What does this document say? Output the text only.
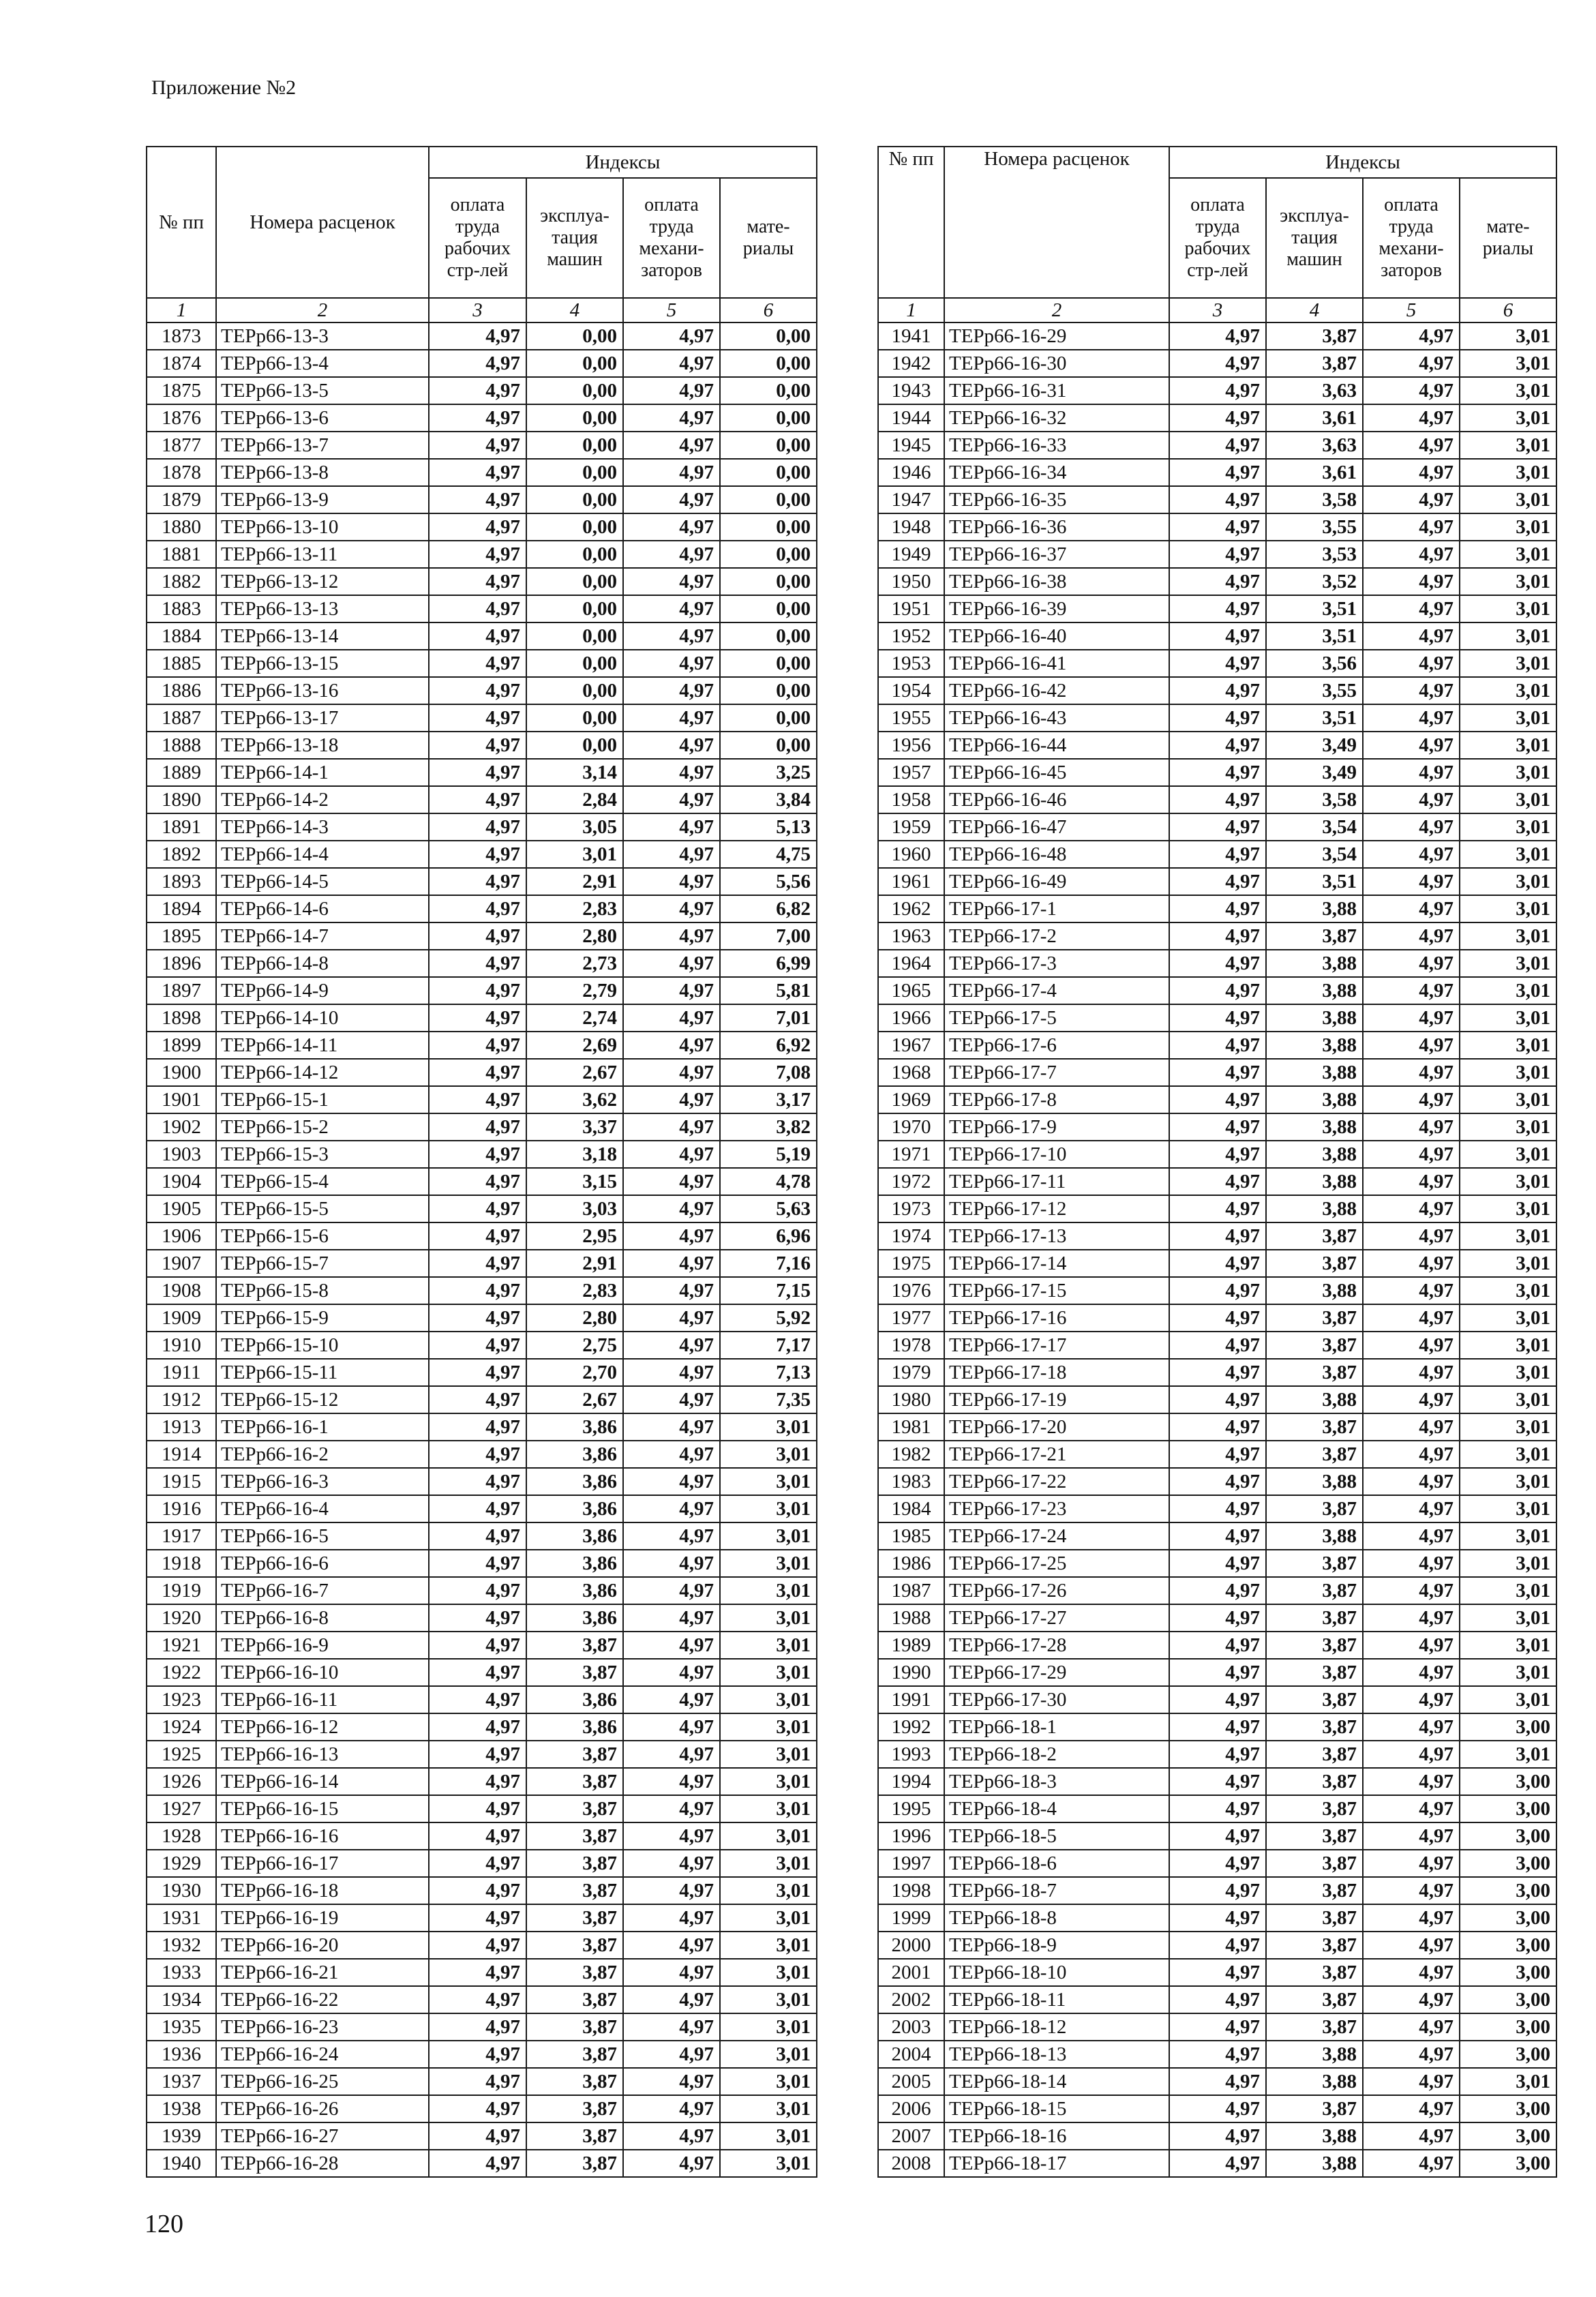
Приложение №2
№ пп	Номера расценок	Индексы			
		оплата труда рабочих стр-лей	эксплуа-тация машин	оплата труда механи-заторов	мате-риалы
1	2	3	4	5	6
1873	ТЕРр66-13-3	4,97	0,00	4,97	0,00
1874	ТЕРр66-13-4	4,97	0,00	4,97	0,00
1875	ТЕРр66-13-5	4,97	0,00	4,97	0,00
1876	ТЕРр66-13-6	4,97	0,00	4,97	0,00
1877	ТЕРр66-13-7	4,97	0,00	4,97	0,00
1878	ТЕРр66-13-8	4,97	0,00	4,97	0,00
1879	ТЕРр66-13-9	4,97	0,00	4,97	0,00
1880	ТЕРр66-13-10	4,97	0,00	4,97	0,00
1881	ТЕРр66-13-11	4,97	0,00	4,97	0,00
1882	ТЕРр66-13-12	4,97	0,00	4,97	0,00
1883	ТЕРр66-13-13	4,97	0,00	4,97	0,00
1884	ТЕРр66-13-14	4,97	0,00	4,97	0,00
1885	ТЕРр66-13-15	4,97	0,00	4,97	0,00
1886	ТЕРр66-13-16	4,97	0,00	4,97	0,00
1887	ТЕРр66-13-17	4,97	0,00	4,97	0,00
1888	ТЕРр66-13-18	4,97	0,00	4,97	0,00
1889	ТЕРр66-14-1	4,97	3,14	4,97	3,25
1890	ТЕРр66-14-2	4,97	2,84	4,97	3,84
1891	ТЕРр66-14-3	4,97	3,05	4,97	5,13
1892	ТЕРр66-14-4	4,97	3,01	4,97	4,75
1893	ТЕРр66-14-5	4,97	2,91	4,97	5,56
1894	ТЕРр66-14-6	4,97	2,83	4,97	6,82
1895	ТЕРр66-14-7	4,97	2,80	4,97	7,00
1896	ТЕРр66-14-8	4,97	2,73	4,97	6,99
1897	ТЕРр66-14-9	4,97	2,79	4,97	5,81
1898	ТЕРр66-14-10	4,97	2,74	4,97	7,01
1899	ТЕРр66-14-11	4,97	2,69	4,97	6,92
1900	ТЕРр66-14-12	4,97	2,67	4,97	7,08
1901	ТЕРр66-15-1	4,97	3,62	4,97	3,17
1902	ТЕРр66-15-2	4,97	3,37	4,97	3,82
1903	ТЕРр66-15-3	4,97	3,18	4,97	5,19
1904	ТЕРр66-15-4	4,97	3,15	4,97	4,78
1905	ТЕРр66-15-5	4,97	3,03	4,97	5,63
1906	ТЕРр66-15-6	4,97	2,95	4,97	6,96
1907	ТЕРр66-15-7	4,97	2,91	4,97	7,16
1908	ТЕРр66-15-8	4,97	2,83	4,97	7,15
1909	ТЕРр66-15-9	4,97	2,80	4,97	5,92
1910	ТЕРр66-15-10	4,97	2,75	4,97	7,17
1911	ТЕРр66-15-11	4,97	2,70	4,97	7,13
1912	ТЕРр66-15-12	4,97	2,67	4,97	7,35
1913	ТЕРр66-16-1	4,97	3,86	4,97	3,01
1914	ТЕРр66-16-2	4,97	3,86	4,97	3,01
1915	ТЕРр66-16-3	4,97	3,86	4,97	3,01
1916	ТЕРр66-16-4	4,97	3,86	4,97	3,01
1917	ТЕРр66-16-5	4,97	3,86	4,97	3,01
1918	ТЕРр66-16-6	4,97	3,86	4,97	3,01
1919	ТЕРр66-16-7	4,97	3,86	4,97	3,01
1920	ТЕРр66-16-8	4,97	3,86	4,97	3,01
1921	ТЕРр66-16-9	4,97	3,87	4,97	3,01
1922	ТЕРр66-16-10	4,97	3,87	4,97	3,01
1923	ТЕРр66-16-11	4,97	3,86	4,97	3,01
1924	ТЕРр66-16-12	4,97	3,86	4,97	3,01
1925	ТЕРр66-16-13	4,97	3,87	4,97	3,01
1926	ТЕРр66-16-14	4,97	3,87	4,97	3,01
1927	ТЕРр66-16-15	4,97	3,87	4,97	3,01
1928	ТЕРр66-16-16	4,97	3,87	4,97	3,01
1929	ТЕРр66-16-17	4,97	3,87	4,97	3,01
1930	ТЕРр66-16-18	4,97	3,87	4,97	3,01
1931	ТЕРр66-16-19	4,97	3,87	4,97	3,01
1932	ТЕРр66-16-20	4,97	3,87	4,97	3,01
1933	ТЕРр66-16-21	4,97	3,87	4,97	3,01
1934	ТЕРр66-16-22	4,97	3,87	4,97	3,01
1935	ТЕРр66-16-23	4,97	3,87	4,97	3,01
1936	ТЕРр66-16-24	4,97	3,87	4,97	3,01
1937	ТЕРр66-16-25	4,97	3,87	4,97	3,01
1938	ТЕРр66-16-26	4,97	3,87	4,97	3,01
1939	ТЕРр66-16-27	4,97	3,87	4,97	3,01
1940	ТЕРр66-16-28	4,97	3,87	4,97	3,01
№ пп	Номера расценок	Индексы			
		оплата труда рабочих стр-лей	эксплуа-тация машин	оплата труда механи-заторов	мате-риалы
1	2	3	4	5	6
1941	ТЕРр66-16-29	4,97	3,87	4,97	3,01
1942	ТЕРр66-16-30	4,97	3,87	4,97	3,01
1943	ТЕРр66-16-31	4,97	3,63	4,97	3,01
1944	ТЕРр66-16-32	4,97	3,61	4,97	3,01
1945	ТЕРр66-16-33	4,97	3,63	4,97	3,01
1946	ТЕРр66-16-34	4,97	3,61	4,97	3,01
1947	ТЕРр66-16-35	4,97	3,58	4,97	3,01
1948	ТЕРр66-16-36	4,97	3,55	4,97	3,01
1949	ТЕРр66-16-37	4,97	3,53	4,97	3,01
1950	ТЕРр66-16-38	4,97	3,52	4,97	3,01
1951	ТЕРр66-16-39	4,97	3,51	4,97	3,01
1952	ТЕРр66-16-40	4,97	3,51	4,97	3,01
1953	ТЕРр66-16-41	4,97	3,56	4,97	3,01
1954	ТЕРр66-16-42	4,97	3,55	4,97	3,01
1955	ТЕРр66-16-43	4,97	3,51	4,97	3,01
1956	ТЕРр66-16-44	4,97	3,49	4,97	3,01
1957	ТЕРр66-16-45	4,97	3,49	4,97	3,01
1958	ТЕРр66-16-46	4,97	3,58	4,97	3,01
1959	ТЕРр66-16-47	4,97	3,54	4,97	3,01
1960	ТЕРр66-16-48	4,97	3,54	4,97	3,01
1961	ТЕРр66-16-49	4,97	3,51	4,97	3,01
1962	ТЕРр66-17-1	4,97	3,88	4,97	3,01
1963	ТЕРр66-17-2	4,97	3,87	4,97	3,01
1964	ТЕРр66-17-3	4,97	3,88	4,97	3,01
1965	ТЕРр66-17-4	4,97	3,88	4,97	3,01
1966	ТЕРр66-17-5	4,97	3,88	4,97	3,01
1967	ТЕРр66-17-6	4,97	3,88	4,97	3,01
1968	ТЕРр66-17-7	4,97	3,88	4,97	3,01
1969	ТЕРр66-17-8	4,97	3,88	4,97	3,01
1970	ТЕРр66-17-9	4,97	3,88	4,97	3,01
1971	ТЕРр66-17-10	4,97	3,88	4,97	3,01
1972	ТЕРр66-17-11	4,97	3,88	4,97	3,01
1973	ТЕРр66-17-12	4,97	3,88	4,97	3,01
1974	ТЕРр66-17-13	4,97	3,87	4,97	3,01
1975	ТЕРр66-17-14	4,97	3,87	4,97	3,01
1976	ТЕРр66-17-15	4,97	3,88	4,97	3,01
1977	ТЕРр66-17-16	4,97	3,87	4,97	3,01
1978	ТЕРр66-17-17	4,97	3,87	4,97	3,01
1979	ТЕРр66-17-18	4,97	3,87	4,97	3,01
1980	ТЕРр66-17-19	4,97	3,88	4,97	3,01
1981	ТЕРр66-17-20	4,97	3,87	4,97	3,01
1982	ТЕРр66-17-21	4,97	3,87	4,97	3,01
1983	ТЕРр66-17-22	4,97	3,88	4,97	3,01
1984	ТЕРр66-17-23	4,97	3,87	4,97	3,01
1985	ТЕРр66-17-24	4,97	3,88	4,97	3,01
1986	ТЕРр66-17-25	4,97	3,87	4,97	3,01
1987	ТЕРр66-17-26	4,97	3,87	4,97	3,01
1988	ТЕРр66-17-27	4,97	3,87	4,97	3,01
1989	ТЕРр66-17-28	4,97	3,87	4,97	3,01
1990	ТЕРр66-17-29	4,97	3,87	4,97	3,01
1991	ТЕРр66-17-30	4,97	3,87	4,97	3,01
1992	ТЕРр66-18-1	4,97	3,87	4,97	3,00
1993	ТЕРр66-18-2	4,97	3,87	4,97	3,01
1994	ТЕРр66-18-3	4,97	3,87	4,97	3,00
1995	ТЕРр66-18-4	4,97	3,87	4,97	3,00
1996	ТЕРр66-18-5	4,97	3,87	4,97	3,00
1997	ТЕРр66-18-6	4,97	3,87	4,97	3,00
1998	ТЕРр66-18-7	4,97	3,87	4,97	3,00
1999	ТЕРр66-18-8	4,97	3,87	4,97	3,00
2000	ТЕРр66-18-9	4,97	3,87	4,97	3,00
2001	ТЕРр66-18-10	4,97	3,87	4,97	3,00
2002	ТЕРр66-18-11	4,97	3,87	4,97	3,00
2003	ТЕРр66-18-12	4,97	3,87	4,97	3,00
2004	ТЕРр66-18-13	4,97	3,88	4,97	3,00
2005	ТЕРр66-18-14	4,97	3,88	4,97	3,01
2006	ТЕРр66-18-15	4,97	3,87	4,97	3,00
2007	ТЕРр66-18-16	4,97	3,88	4,97	3,00
2008	ТЕРр66-18-17	4,97	3,88	4,97	3,00
120
